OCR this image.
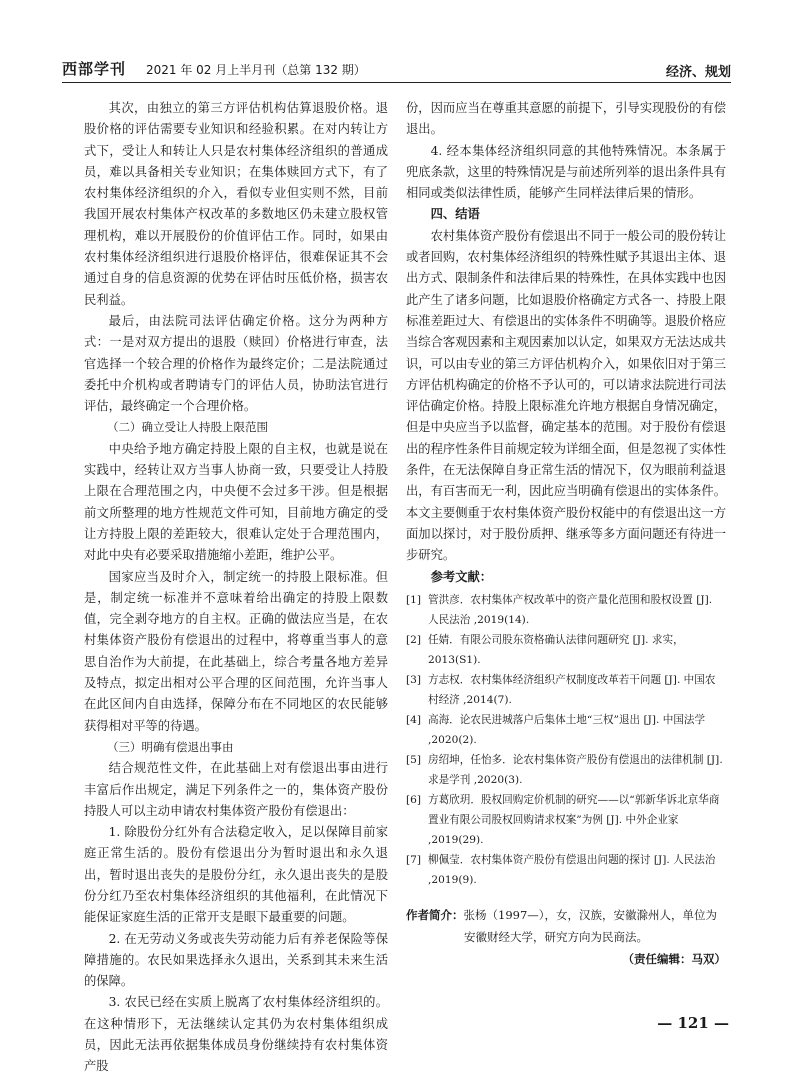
西部学刊 2021 年 02 月上半月刊（总第 132 期）	经济、规划

其次，由独立的第三方评估机构估算退股价格。退股价格的评估需要专业知识和经验积累。在对内转让方式下，受让人和转让人只是农村集体经济组织的普通成员，难以具备相关专业知识；在集体赎回方式下，有了农村集体经济组织的介入，看似专业但实则不然，目前我国开展农村集体产权改革的多数地区仍未建立股权管理机构，难以开展股份的价值评估工作。同时，如果由农村集体经济组织进行退股价格评估，很难保证其不会通过自身的信息资源的优势在评估时压低价格，损害农民利益。

最后，由法院司法评估确定价格。这分为两种方式：一是对双方提出的退股（赎回）价格进行审查，法官选择一个较合理的价格作为最终定价；二是法院通过委托中介机构或者聘请专门的评估人员，协助法官进行评估，最终确定一个合理价格。

（二）确立受让人持股上限范围

中央给予地方确定持股上限的自主权，也就是说在实践中，经转让双方当事人协商一致，只要受让人持股上限在合理范围之内，中央便不会过多干涉。但是根据前文所整理的地方性规范文件可知，目前地方确定的受让方持股上限的差距较大，很难认定处于合理范围内，对此中央有必要采取措施缩小差距，维护公平。

国家应当及时介入，制定统一的持股上限标准。但是，制定统一标准并不意味着给出确定的持股上限数值，完全剥夺地方的自主权。正确的做法应当是，在农村集体资产股份有偿退出的过程中，将尊重当事人的意思自治作为大前提，在此基础上，综合考量各地方差异及特点，拟定出相对公平合理的区间范围，允许当事人在此区间内自由选择，保障分布在不同地区的农民能够获得相对平等的待遇。

（三）明确有偿退出事由

结合规范性文件，在此基础上对有偿退出事由进行丰富后作出规定，满足下列条件之一的，集体资产股份持股人可以主动申请农村集体资产股份有偿退出：

1. 除股份分红外有合法稳定收入，足以保障目前家庭正常生活的。股份有偿退出分为暂时退出和永久退出，暂时退出丧失的是股份分红，永久退出丧失的是股份分红乃至农村集体经济组织的其他福利，在此情况下能保证家庭生活的正常开支是眼下最重要的问题。

2. 在无劳动义务或丧失劳动能力后有养老保险等保障措施的。农民如果选择永久退出，关系到其未来生活的保障。

3. 农民已经在实质上脱离了农村集体经济组织的。在这种情形下，无法继续认定其仍为农村集体组织成员，因此无法再依据集体成员身份继续持有农村集体资产股

份，因而应当在尊重其意愿的前提下，引导实现股份的有偿退出。

4. 经本集体经济组织同意的其他特殊情况。本条属于兜底条款，这里的特殊情况是与前述所列举的退出条件具有相同或类似法律性质，能够产生同样法律后果的情形。

四、结语

农村集体资产股份有偿退出不同于一般公司的股份转让或者回购，农村集体经济组织的特殊性赋予其退出主体、退出方式、限制条件和法律后果的特殊性，在具体实践中也因此产生了诸多问题，比如退股价格确定方式各一、持股上限标准差距过大、有偿退出的实体条件不明确等。退股价格应当综合客观因素和主观因素加以认定，如果双方无法达成共识，可以由专业的第三方评估机构介入，如果依旧对于第三方评估机构确定的价格不予认可的，可以请求法院进行司法评估确定价格。持股上限标准允许地方根据自身情况确定，但是中央应当予以监督，确定基本的范围。对于股份有偿退出的程序性条件目前规定较为详细全面，但是忽视了实体性条件，在无法保障自身正常生活的情况下，仅为眼前利益退出，有百害而无一利，因此应当明确有偿退出的实体条件。本文主要侧重于农村集体资产股份权能中的有偿退出这一方面加以探讨，对于股份质押、继承等多方面问题还有待进一步研究。

参考文献：

[1] 管洪彦．农村集体产权改革中的资产量化范围和股权设置 [J]. 人民法治 ,2019(14).
[2] 任婧．有限公司股东资格确认法律问题研究 [J]. 求实，2013(S1).
[3] 方志权．农村集体经济组织产权制度改革若干问题 [J]. 中国农村经济 ,2014(7).
[4] 高海．论农民进城落户后集体土地“三权”退出 [J]. 中国法学 ,2020(2).
[5] 房绍坤，任怡多．论农村集体资产股份有偿退出的法律机制 [J]. 求是学刊 ,2020(3).
[6] 方葛欣玥．股权回购定价机制的研究——以“郭新华诉北京华商置业有限公司股权回购请求权案”为例 [J]. 中外企业家 ,2019(29).
[7] 柳佩莹．农村集体资产股份有偿退出问题的探讨 [J]. 人民法治 ,2019(9).
作者简介：张杨（1997—），女，汉族，安徽滁州人，单位为
安徽财经大学，研究方向为民商法。
（责任编辑：马双）
— 121 —
